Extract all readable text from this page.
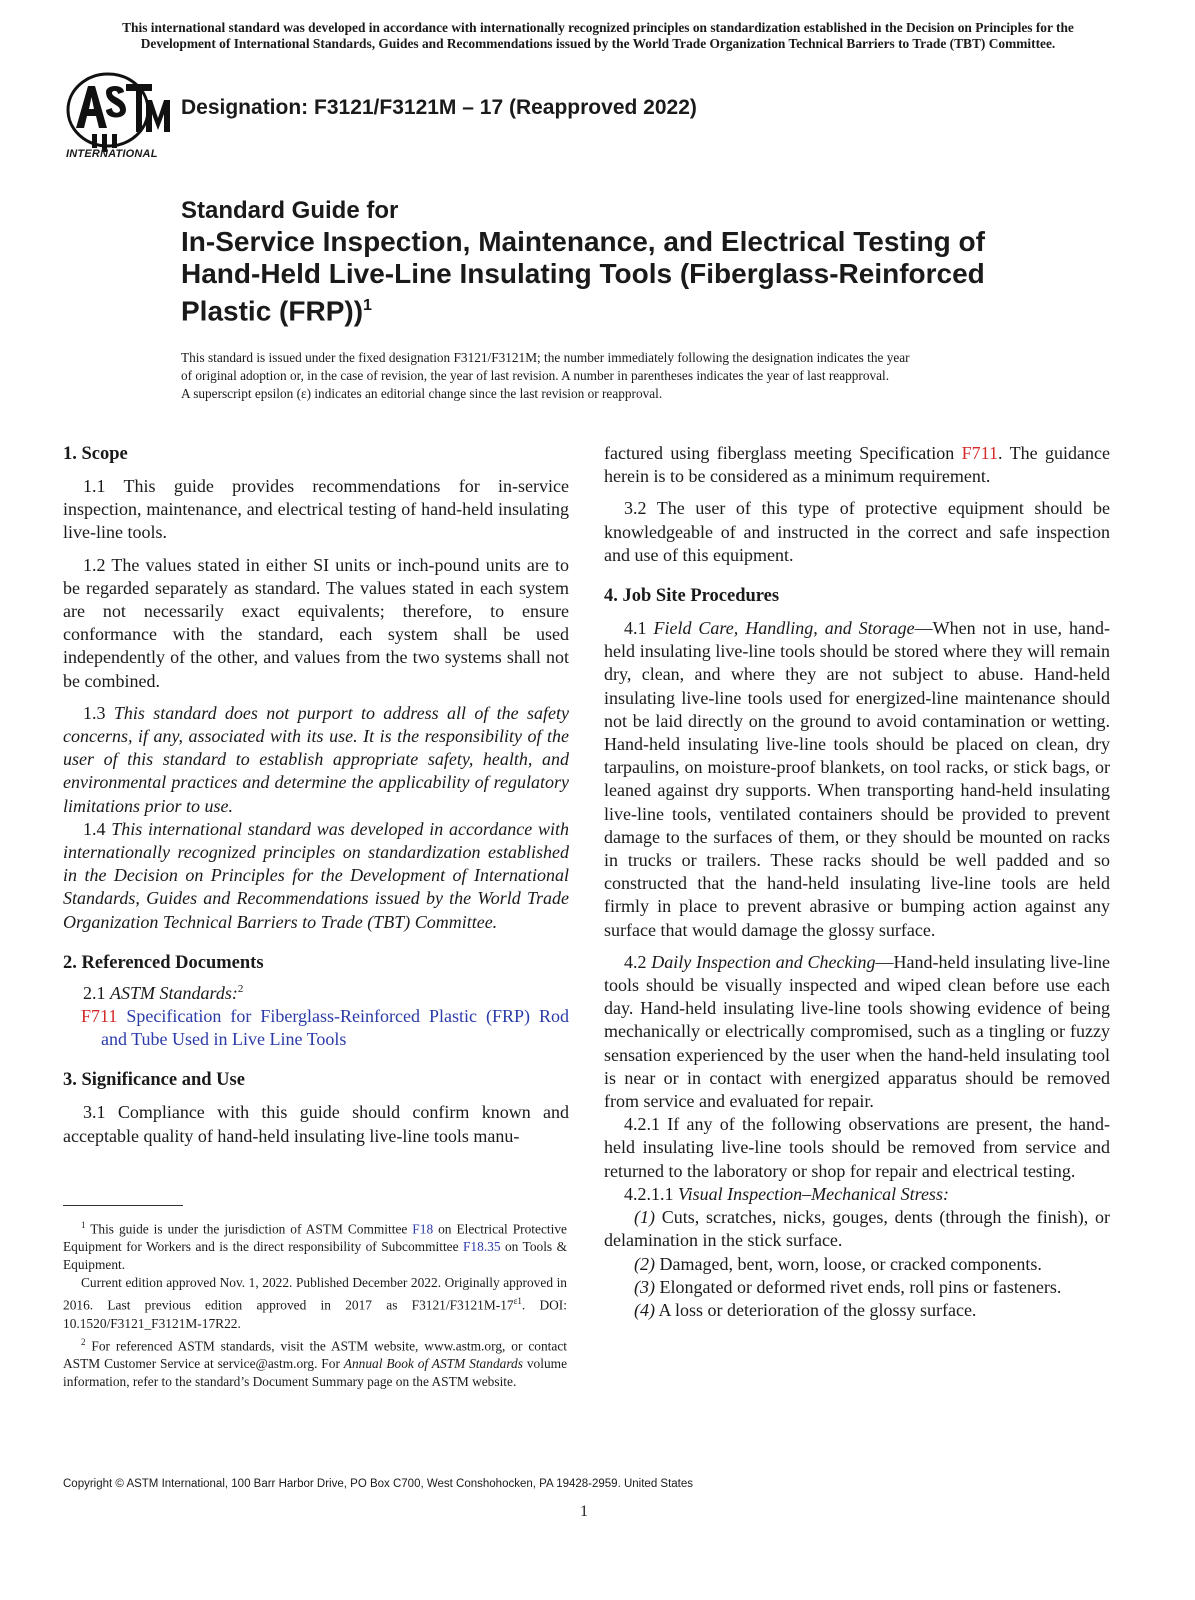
This international standard was developed in accordance with internationally recognized principles on standardization established in the Decision on Principles for the
Development of International Standards, Guides and Recommendations issued by the World Trade Organization Technical Barriers to Trade (TBT) Committee.
INTERNATIONAL
Designation: F3121/F3121M – 17 (Reapproved 2022)
Standard Guide for
In-Service Inspection, Maintenance, and Electrical Testing of
Hand-Held Live-Line Insulating Tools (Fiberglass-Reinforced
Plastic (FRP))$^1$
This standard is issued under the fixed designation F3121/F3121M; the number immediately following the designation indicates the year
of original adoption or, in the case of revision, the year of last revision. A number in parentheses indicates the year of last reapproval.
A superscript epsilon (ε) indicates an editorial change since the last revision or reapproval.
1. Scope

1.1 This guide provides recommendations for in-service inspection, maintenance, and electrical testing of hand-held insulating live-line tools.

1.2 The values stated in either SI units or inch-pound units are to be regarded separately as standard. The values stated in each system are not necessarily exact equivalents; therefore, to ensure conformance with the standard, each system shall be used independently of the other, and values from the two systems shall not be combined.

1.3 This standard does not purport to address all of the safety concerns, if any, associated with its use. It is the responsibility of the user of this standard to establish appropriate safety, health, and environmental practices and determine the applicability of regulatory limitations prior to use.

1.4 This international standard was developed in accordance with internationally recognized principles on standardization established in the Decision on Principles for the Development of International Standards, Guides and Recommendations issued by the World Trade Organization Technical Barriers to Trade (TBT) Committee.

2. Referenced Documents

2.1 ASTM Standards:$^2$

F711 Specification for Fiberglass-Reinforced Plastic (FRP) Rod and Tube Used in Live Line Tools

3. Significance and Use

3.1 Compliance with this guide should confirm known and acceptable quality of hand-held insulating live-line tools manu-

factured using fiberglass meeting Specification F711. The guidance herein is to be considered as a minimum requirement.

3.2 The user of this type of protective equipment should be knowledgeable of and instructed in the correct and safe inspection and use of this equipment.

4. Job Site Procedures

4.1 Field Care, Handling, and Storage—When not in use, hand-held insulating live-line tools should be stored where they will remain dry, clean, and where they are not subject to abuse. Hand-held insulating live-line tools used for energized-line maintenance should not be laid directly on the ground to avoid contamination or wetting. Hand-held insulating live-line tools should be placed on clean, dry tarpaulins, on moisture-proof blankets, on tool racks, or stick bags, or leaned against dry supports. When transporting hand-held insulating live-line tools, ventilated containers should be provided to prevent damage to the surfaces of them, or they should be mounted on racks in trucks or trailers. These racks should be well padded and so constructed that the hand-held insulating live-line tools are held firmly in place to prevent abrasive or bumping action against any surface that would damage the glossy surface.

4.2 Daily Inspection and Checking—Hand-held insulating live-line tools should be visually inspected and wiped clean before use each day. Hand-held insulating live-line tools showing evidence of being mechanically or electrically compromised, such as a tingling or fuzzy sensation experienced by the user when the hand-held insulating tool is near or in contact with energized apparatus should be removed from service and evaluated for repair.

4.2.1 If any of the following observations are present, the hand-held insulating live-line tools should be removed from service and returned to the laboratory or shop for repair and electrical testing.

4.2.1.1 Visual Inspection–Mechanical Stress:

(1) Cuts, scratches, nicks, gouges, dents (through the finish), or delamination in the stick surface.

(2) Damaged, bent, worn, loose, or cracked components.

(3) Elongated or deformed rivet ends, roll pins or fasteners.

(4) A loss or deterioration of the glossy surface.

$^1$ This guide is under the jurisdiction of ASTM Committee F18 on Electrical Protective Equipment for Workers and is the direct responsibility of Subcommittee F18.35 on Tools & Equipment.

Current edition approved Nov. 1, 2022. Published December 2022. Originally approved in 2016. Last previous edition approved in 2017 as $F3121/F3121M-17^{\varepsilon 1}$. DOI: 10.1520/F3121_F3121M-17R22.

$^2$ For referenced ASTM standards, visit the ASTM website, www.astm.org, or contact ASTM Customer Service at service@astm.org. For Annual Book of ASTM Standards volume information, refer to the standard’s Document Summary page on the ASTM website.

Copyright © ASTM International, 100 Barr Harbor Drive, PO Box C700, West Conshohocken, PA 19428-2959. United States
1
